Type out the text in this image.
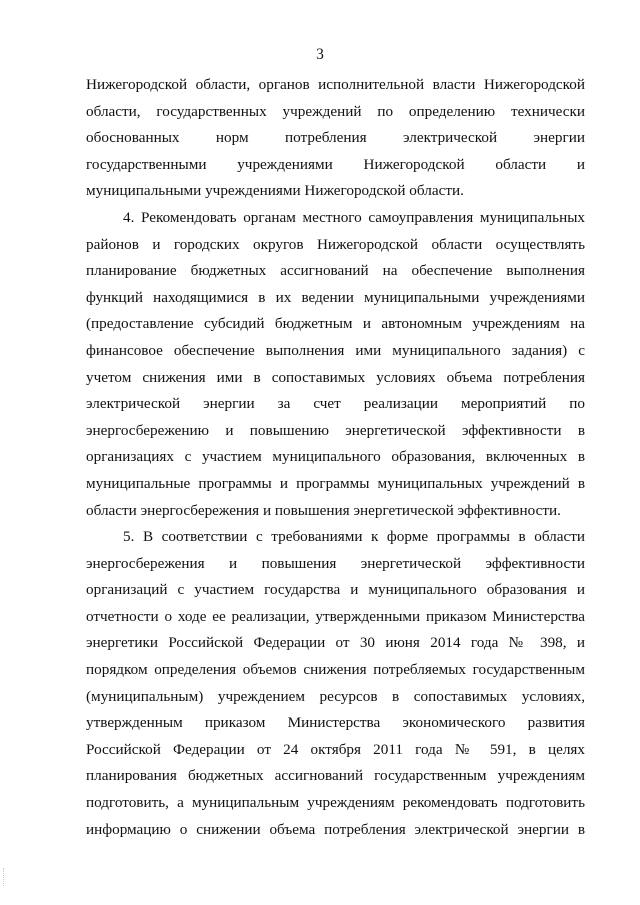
3
Нижегородской области, органов исполнительной власти Нижегородской
области, государственных учреждений по определению технически
обоснованных норм потребления электрической энергии
государственными учреждениями Нижегородской области и
муниципальными учреждениями Нижегородской области.
4. Рекомендовать органам местного самоуправления муниципальных
районов и городских округов Нижегородской области осуществлять
планирование бюджетных ассигнований на обеспечение выполнения
функций находящимися в их ведении муниципальными учреждениями
(предоставление субсидий бюджетным и автономным учреждениям на
финансовое обеспечение выполнения ими муниципального задания) с
учетом снижения ими в сопоставимых условиях объема потребления
электрической энергии за счет реализации мероприятий по
энергосбережению и повышению энергетической эффективности в
организациях с участием муниципального образования, включенных в
муниципальные программы и программы муниципальных учреждений в
области энергосбережения и повышения энергетической эффективности.
5. В соответствии с требованиями к форме программы в области
энергосбережения и повышения энергетической эффективности
организаций с участием государства и муниципального образования и
отчетности о ходе ее реализации, утвержденными приказом Министерства
энергетики Российской Федерации от 30 июня 2014 года № 398, и
порядком определения объемов снижения потребляемых государственным
(муниципальным) учреждением ресурсов в сопоставимых условиях,
утвержденным приказом Министерства экономического развития
Российской Федерации от 24 октября 2011 года № 591, в целях
планирования бюджетных ассигнований государственным учреждениям
подготовить, а муниципальным учреждениям рекомендовать подготовить
информацию о снижении объема потребления электрической энергии в
